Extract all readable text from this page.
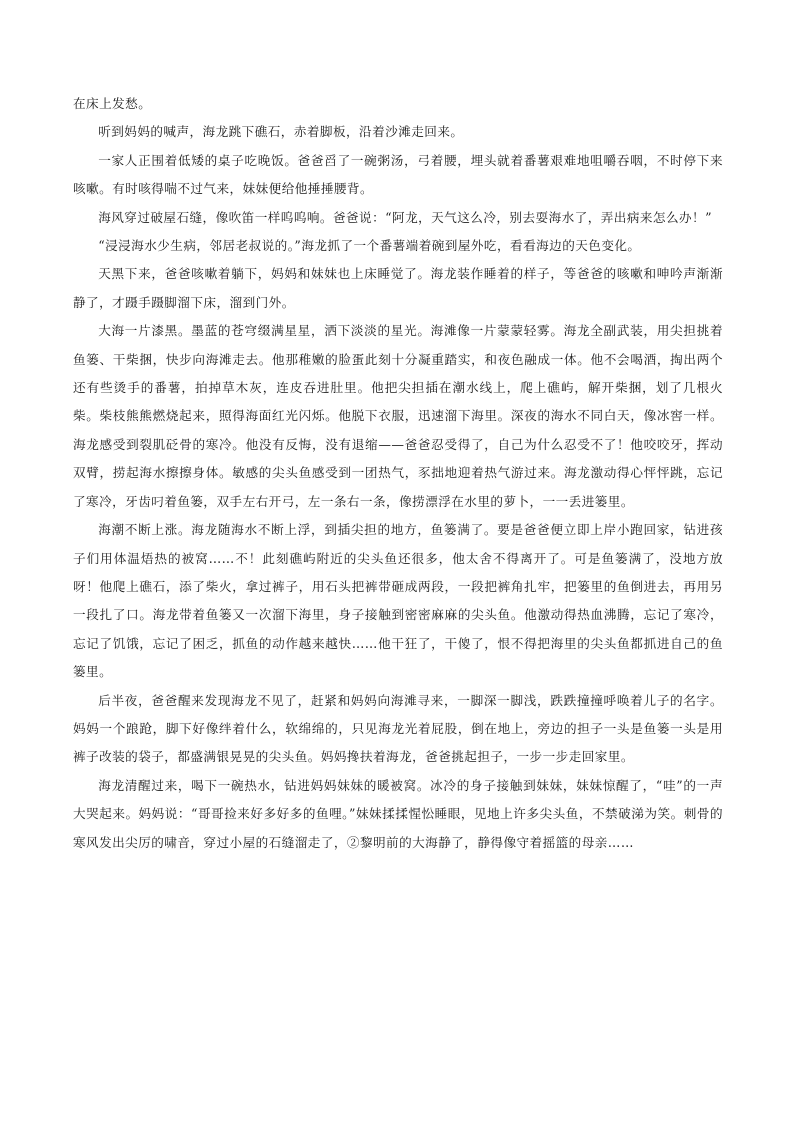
在床上发愁。

听到妈妈的喊声，海龙跳下礁石，赤着脚板，沿着沙滩走回来。

一家人正围着低矮的桌子吃晚饭。爸爸舀了一碗粥汤，弓着腰，埋头就着番薯艰难地咀嚼吞咽，不时停下来咳嗽。有时咳得喘不过气来，妹妹便给他捶捶腰背。

海风穿过破屋石缝，像吹笛一样呜呜响。爸爸说：“阿龙，天气这么冷，别去耍海水了，弄出病来怎么办！”

“浸浸海水少生病，邻居老叔说的。”海龙抓了一个番薯端着碗到屋外吃，看看海边的天色变化。

天黑下来，爸爸咳嗽着躺下，妈妈和妹妹也上床睡觉了。海龙装作睡着的样子，等爸爸的咳嗽和呻吟声渐渐静了，才蹑手蹑脚溜下床，溜到门外。

大海一片漆黑。墨蓝的苍穹缀满星星，洒下淡淡的星光。海滩像一片蒙蒙轻雾。海龙全副武装，用尖担挑着鱼篓、干柴捆，快步向海滩走去。他那稚嫩的脸蛋此刻十分凝重踏实，和夜色融成一体。他不会喝酒，掏出两个还有些烫手的番薯，拍掉草木灰，连皮吞进肚里。他把尖担插在潮水线上，爬上礁屿，解开柴捆，划了几根火柴。柴枝熊熊燃烧起来，照得海面红光闪烁。他脱下衣服，迅速溜下海里。深夜的海水不同白天，像冰窖一样。海龙感受到裂肌砭骨的寒冷。他没有反悔，没有退缩——爸爸忍受得了，自己为什么忍受不了！他咬咬牙，挥动双臂，捞起海水擦擦身体。敏感的尖头鱼感受到一团热气，豕拙地迎着热气游过来。海龙激动得心怦怦跳，忘记了寒冷，牙齿叼着鱼篓，双手左右开弓，左一条右一条，像捞漂浮在水里的萝卜，一一丢进篓里。

海潮不断上涨。海龙随海水不断上浮，到插尖担的地方，鱼篓满了。要是爸爸便立即上岸小跑回家，钻进孩子们用体温焐热的被窝……不！此刻礁屿附近的尖头鱼还很多，他太舍不得离开了。可是鱼篓满了，没地方放呀！他爬上礁石，添了柴火，拿过裤子，用石头把裤带砸成两段，一段把裤角扎牢，把篓里的鱼倒进去，再用另一段扎了口。海龙带着鱼篓又一次溜下海里，身子接触到密密麻麻的尖头鱼。他激动得热血沸腾，忘记了寒冷，忘记了饥饿，忘记了困乏，抓鱼的动作越来越快……他干狂了，干傻了，恨不得把海里的尖头鱼都抓进自己的鱼篓里。

后半夜，爸爸醒来发现海龙不见了，赶紧和妈妈向海滩寻来，一脚深一脚浅，跌跌撞撞呼唤着儿子的名字。妈妈一个踉跄，脚下好像绊着什么，软绵绵的，只见海龙光着屁股，倒在地上，旁边的担子一头是鱼篓一头是用裤子改装的袋子，都盛满银晃晃的尖头鱼。妈妈搀扶着海龙，爸爸挑起担子，一步一步走回家里。

海龙清醒过来，喝下一碗热水，钻进妈妈妹妹的暖被窝。冰冷的身子接触到妹妹，妹妹惊醒了，“哇”的一声大哭起来。妈妈说：“哥哥捡来好多好多的鱼哩。”妹妹揉揉惺忪睡眼，见地上许多尖头鱼，不禁破涕为笑。刺骨的寒风发出尖厉的啸音，穿过小屋的石缝溜走了，②黎明前的大海静了，静得像守着摇篮的母亲……
